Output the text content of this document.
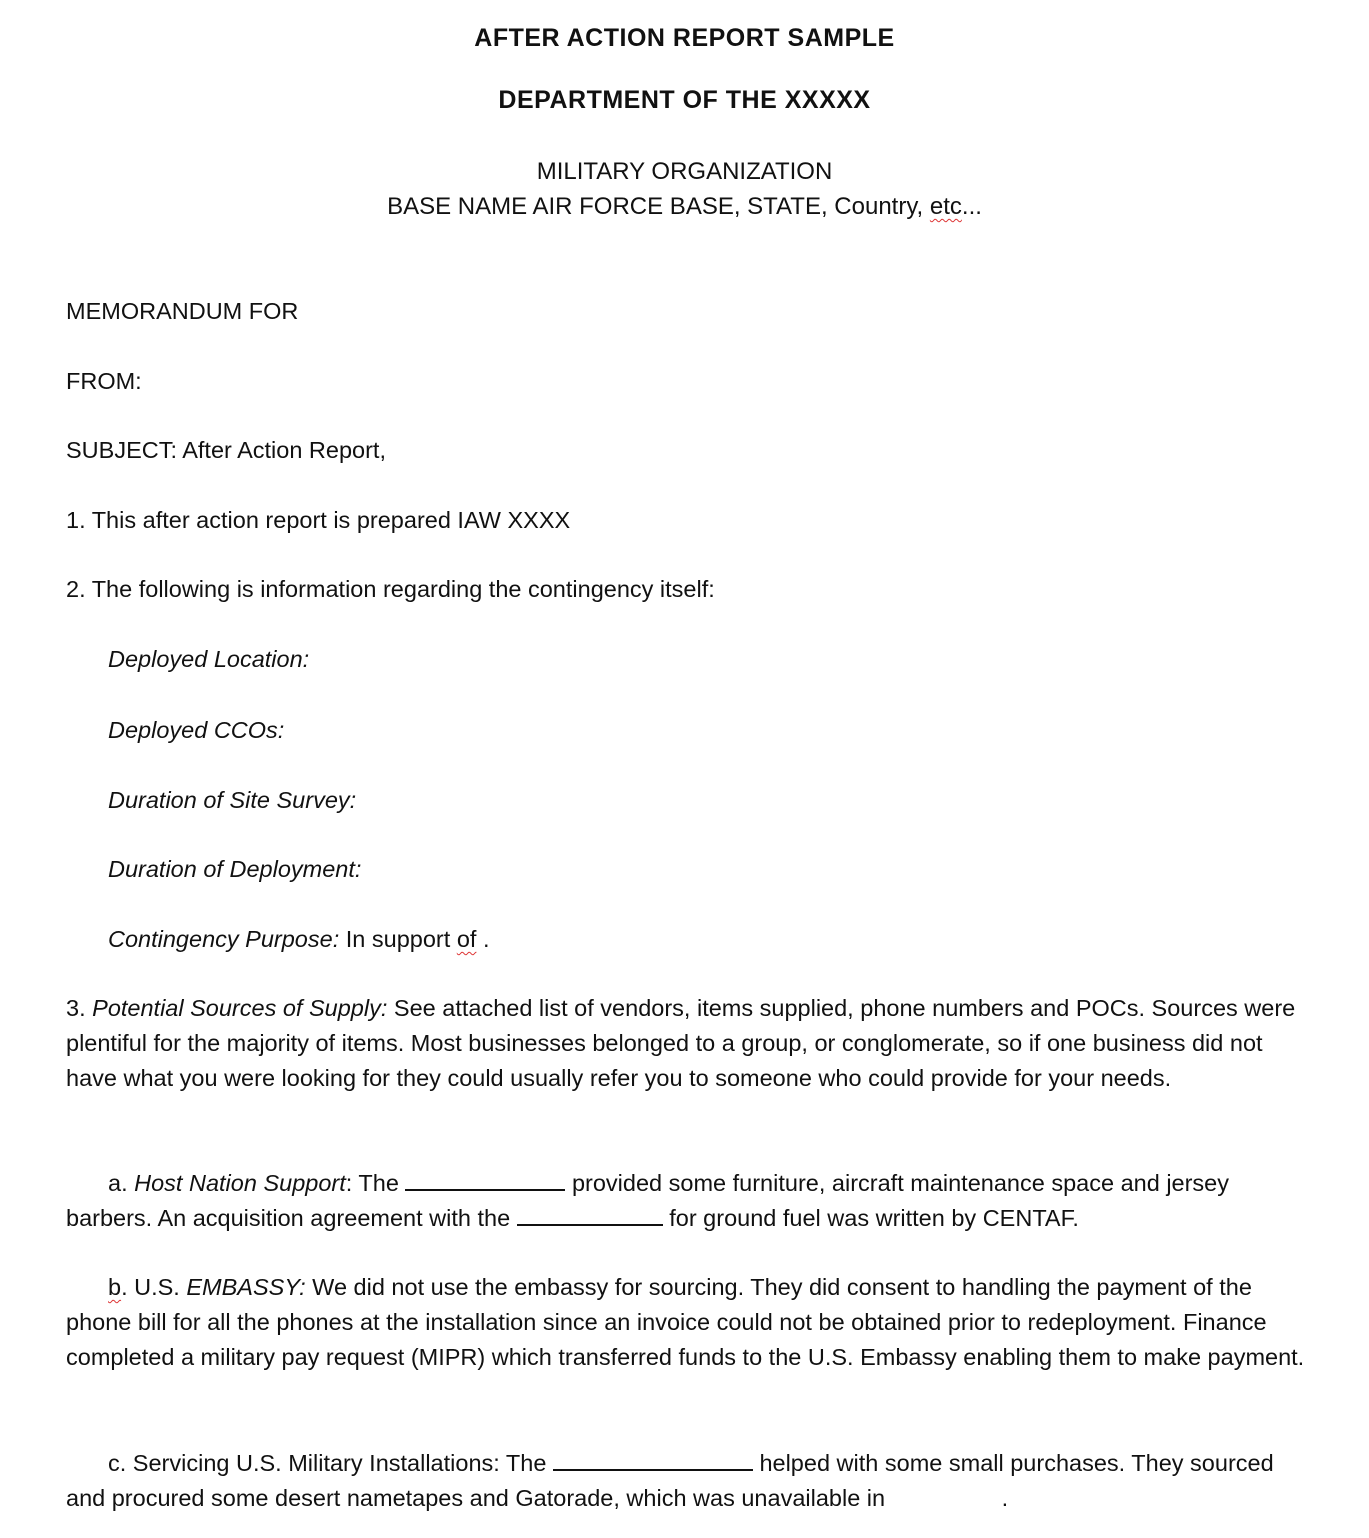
AFTER ACTION REPORT SAMPLE
DEPARTMENT OF THE XXXXX
MILITARY ORGANIZATION
BASE NAME AIR FORCE BASE, STATE, Country, etc...
MEMORANDUM FOR
FROM:
SUBJECT: After Action Report,
1. This after action report is prepared IAW XXXX
2. The following is information regarding the contingency itself:
Deployed Location:
Deployed CCOs:
Duration of Site Survey:
Duration of Deployment:
Contingency Purpose: In support of .
3. Potential Sources of Supply: See attached list of vendors, items supplied, phone numbers and POCs. Sources were plentiful for the majority of items. Most businesses belonged to a group, or conglomerate, so if one business did not have what you were looking for they could usually refer you to someone who could provide for your needs.
a. Host Nation Support: The	provided some furniture, aircraft maintenance space and jersey barbers. An acquisition agreement with the	for ground fuel was written by CENTAF.
b. U.S. EMBASSY: We did not use the embassy for sourcing. They did consent to handling the payment of the phone bill for all the phones at the installation since an invoice could not be obtained prior to redeployment. Finance completed a military pay request (MIPR) which transferred funds to the U.S. Embassy enabling them to make payment.
c. Servicing U.S. Military Installations: The	helped with some small purchases. They sourced and procured some desert nametapes and Gatorade, which was unavailable in	.
